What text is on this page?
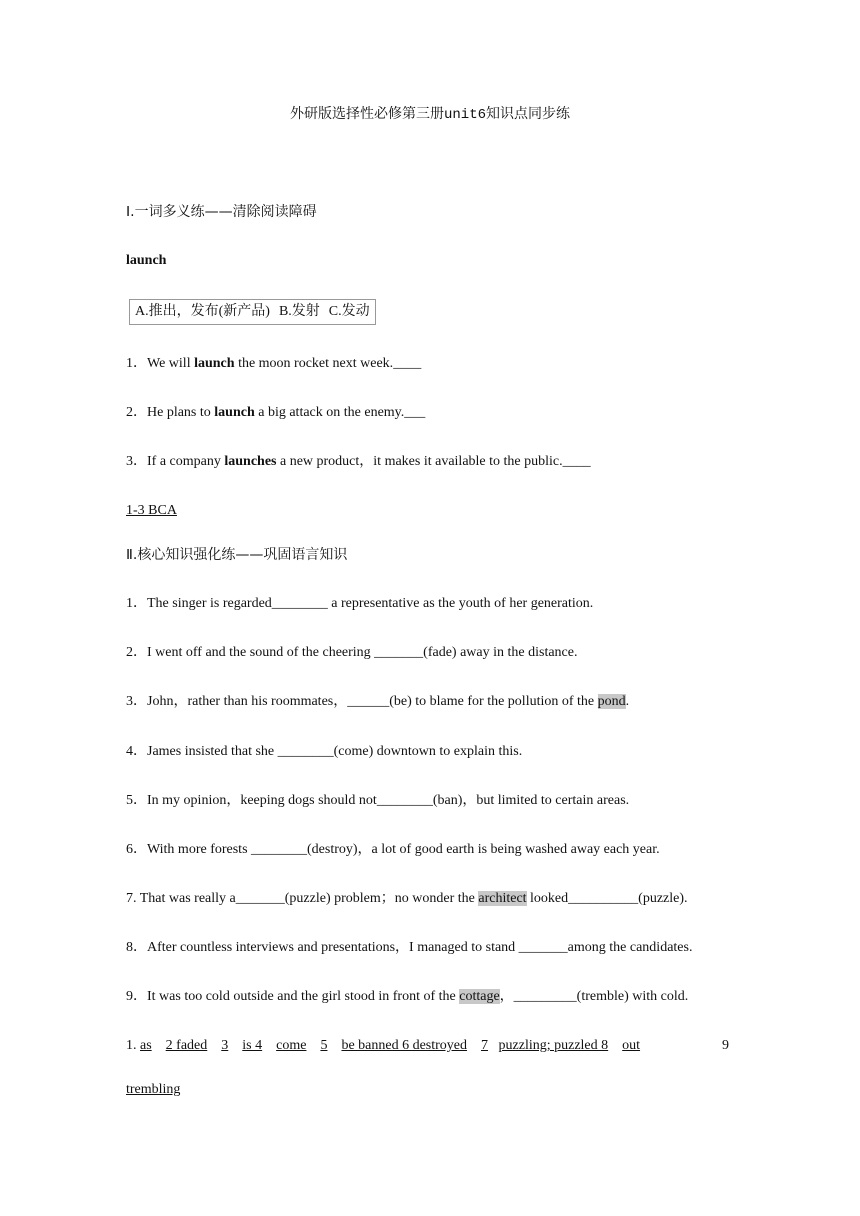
外研版选择性必修第三册unit6知识点同步练
Ⅰ.一词多义练——清除阅读障碍
launch
A.推出，发布(新产品) B.发射 C.发动
1．We will launch the moon rocket next week.____
2．He plans to launch a big attack on the enemy.___
3．If a company launches a new product，it makes it available to the public.____
1-3 BCA
Ⅱ.核心知识强化练——巩固语言知识
1．The singer is regarded________ a representative as the youth of her generation.
2．I went off and the sound of the cheering _______(fade) away in the distance.
3．John，rather than his roommates，______(be) to blame for the pollution of the pond.
4．James insisted that she ________(come) downtown to explain this.
5．In my opinion，keeping dogs should not________(ban)，but limited to certain areas.
6．With more forests ________(destroy)，a lot of good earth is being washed away each year.
7. That was really a_______(puzzle) problem；no wonder the architect looked__________(puzzle).
8．After countless interviews and presentations，I managed to stand _______among the candidates.
9．It was too cold outside and the girl stood in front of the cottage，_________(tremble) with cold.
1. as 2 faded 3 is 4 come 5 be banned 6 destroyed 7 puzzling; puzzled 8 out	9
trembling
